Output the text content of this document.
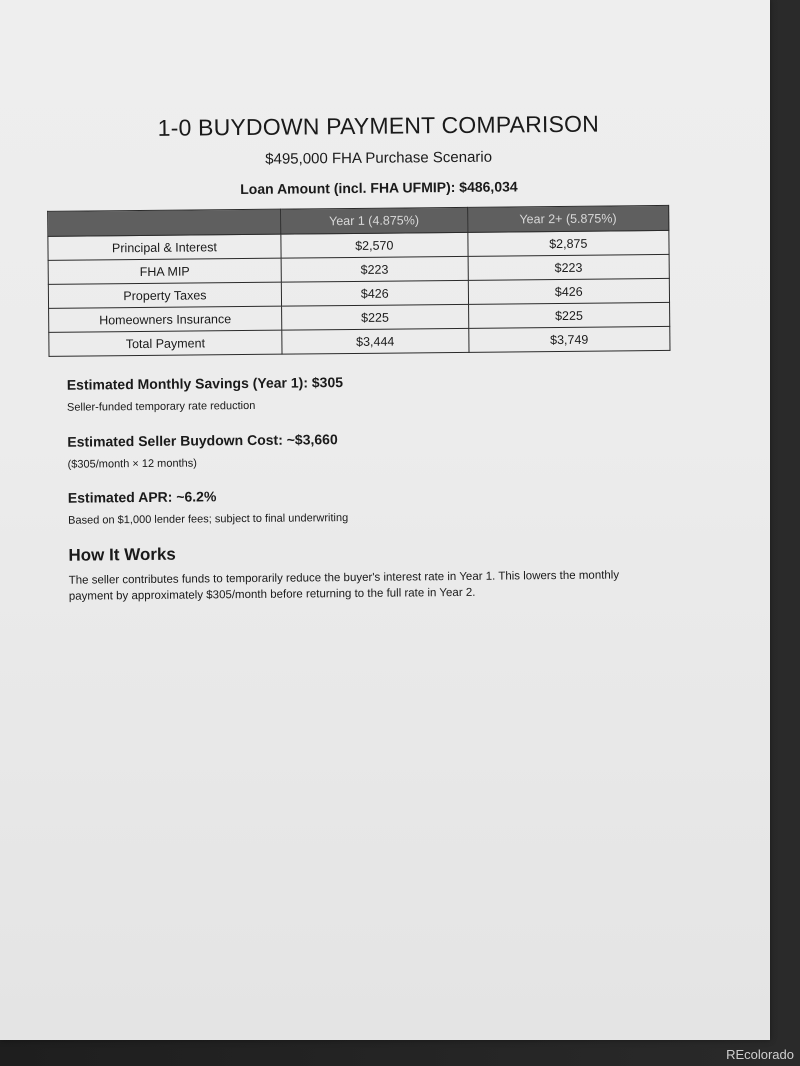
1-0 BUYDOWN PAYMENT COMPARISON
$495,000 FHA Purchase Scenario
Loan Amount (incl. FHA UFMIP): $486,034
	Year 1 (4.875%)	Year 2+ (5.875%)
Principal & Interest	$2,570	$2,875
FHA MIP	$223	$223
Property Taxes	$426	$426
Homeowners Insurance	$225	$225
Total Payment	$3,444	$3,749
Estimated Monthly Savings (Year 1): $305
Seller-funded temporary rate reduction
Estimated Seller Buydown Cost: ~$3,660
($305/month × 12 months)
Estimated APR: ~6.2%
Based on $1,000 lender fees; subject to final underwriting
How It Works
The seller contributes funds to temporarily reduce the buyer's interest rate in Year 1. This lowers the monthly payment by approximately $305/month before returning to the full rate in Year 2.
REcolorado
